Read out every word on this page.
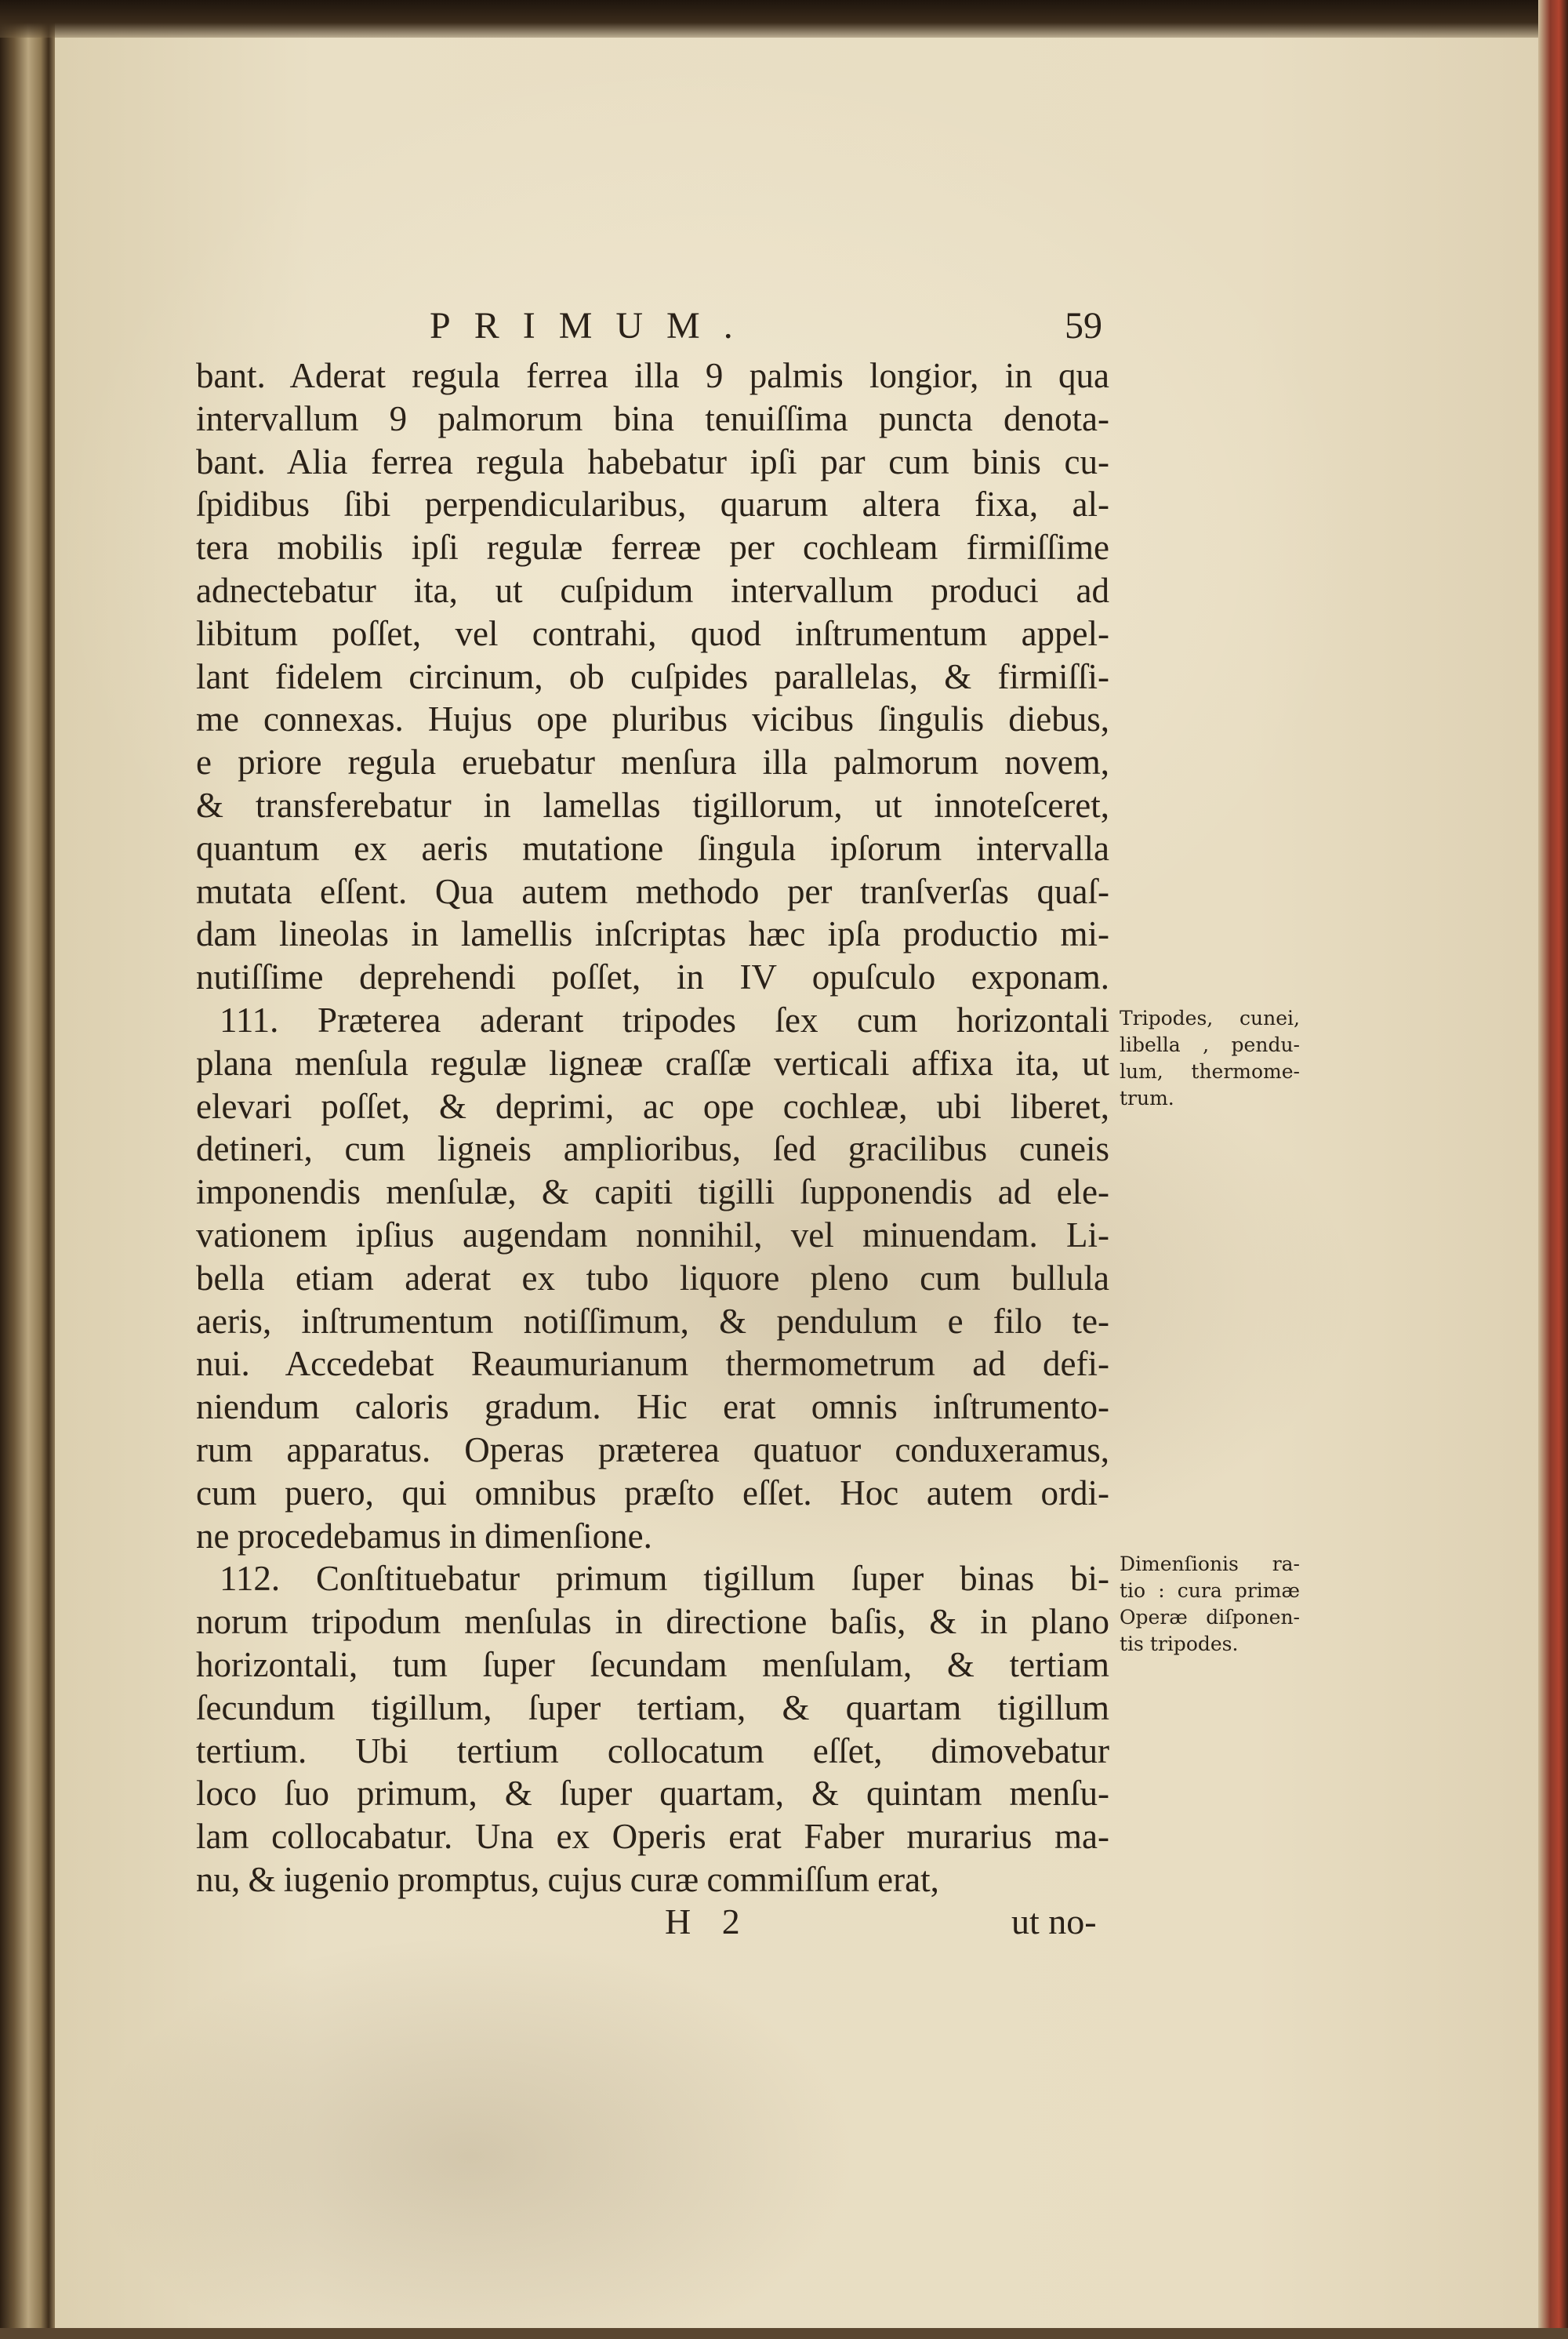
PRIMUM.	59
bant. Aderat regula ferrea illa 9 palmis longior, in qua
intervallum 9 palmorum bina tenuiſſima puncta denota-
bant. Alia ferrea regula habebatur ipſi par cum binis cu-
ſpidibus ſibi perpendicularibus, quarum altera fixa, al-
tera mobilis ipſi regulæ ferreæ per cochleam firmiſſime
adnectebatur ita, ut cuſpidum intervallum produci ad
libitum poſſet, vel contrahi, quod inſtrumentum appel-
lant fidelem circinum, ob cuſpides parallelas, & firmiſſi-
me connexas. Hujus ope pluribus vicibus ſingulis diebus,
e priore regula eruebatur menſura illa palmorum novem,
& transferebatur in lamellas tigillorum, ut innoteſceret,
quantum ex aeris mutatione ſingula ipſorum intervalla
mutata eſſent. Qua autem methodo per tranſverſas quaſ-
dam lineolas in lamellis inſcriptas hæc ipſa productio mi-
nutiſſime deprehendi poſſet, in IV opuſculo exponam.
111. Præterea aderant tripodes ſex cum horizontali
plana menſula regulæ ligneæ craſſæ verticali affixa ita, ut
elevari poſſet, & deprimi, ac ope cochleæ, ubi liberet,
detineri, cum ligneis amplioribus, ſed gracilibus cuneis
imponendis menſulæ, & capiti tigilli ſupponendis ad ele-
vationem ipſius augendam nonnihil, vel minuendam. Li-
bella etiam aderat ex tubo liquore pleno cum bullula
aeris, inſtrumentum notiſſimum, & pendulum e filo te-
nui. Accedebat Reaumurianum thermometrum ad defi-
niendum caloris gradum. Hic erat omnis inſtrumento-
rum apparatus. Operas præterea quatuor conduxeramus,
cum puero, qui omnibus præſto eſſet. Hoc autem ordi-
ne procedebamus in dimenſione.
112. Conſtituebatur primum tigillum ſuper binas bi-
norum tripodum menſulas in directione baſis, & in plano
horizontali, tum ſuper ſecundam menſulam, & tertiam
ſecundum tigillum, ſuper tertiam, & quartam tigillum
tertium. Ubi tertium collocatum eſſet, dimovebatur
loco ſuo primum, & ſuper quartam, & quintam menſu-
lam collocabatur. Una ex Operis erat Faber murarius ma-
nu, & iugenio promptus, cujus curæ commiſſum erat,
Tripodes, cunei,
libella , pendu-
lum, thermome-
trum.
Dimenſionis ra-
tio : cura primæ
Operæ diſponen-
tis tripodes.
H 2	ut no-
